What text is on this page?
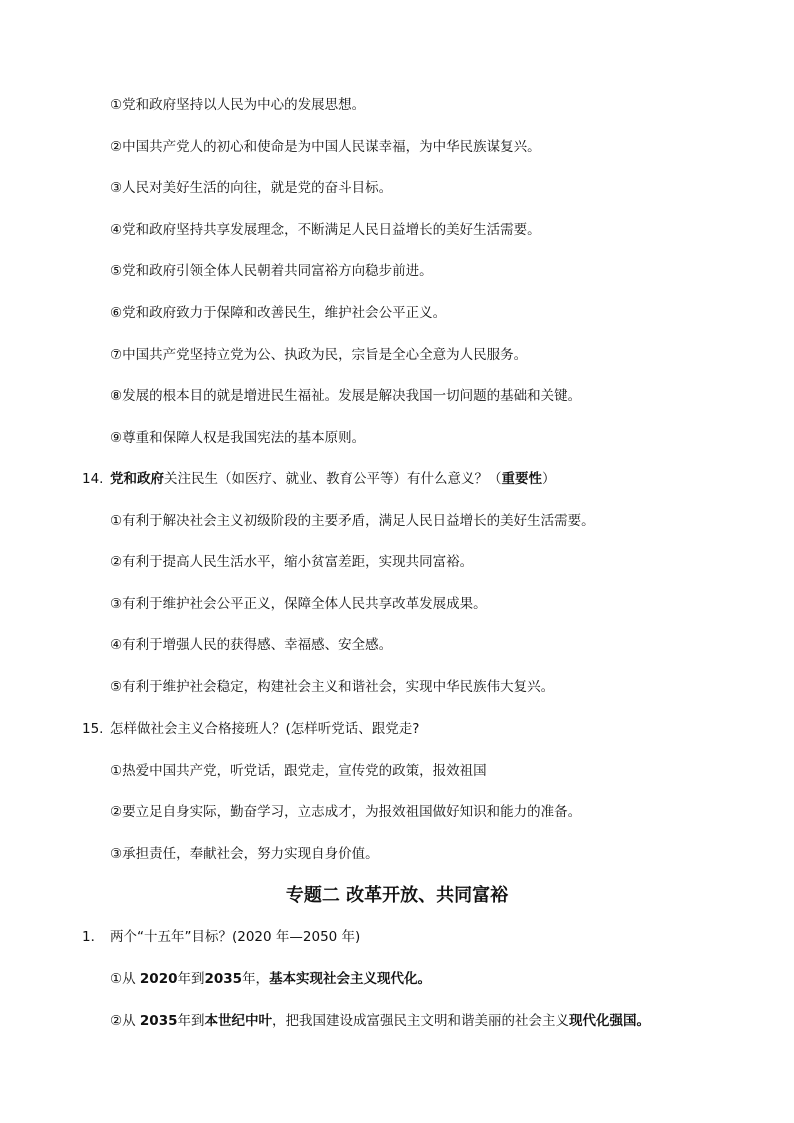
①党和政府坚持以人民为中心的发展思想。
②中国共产党人的初心和使命是为中国人民谋幸福，为中华民族谋复兴。
③人民对美好生活的向往，就是党的奋斗目标。
④党和政府坚持共享发展理念，不断满足人民日益增长的美好生活需要。
⑤党和政府引领全体人民朝着共同富裕方向稳步前进。
⑥党和政府致力于保障和改善民生，维护社会公平正义。
⑦中国共产党坚持立党为公、执政为民，宗旨是全心全意为人民服务。
⑧发展的根本目的就是增进民生福祉。发展是解决我国一切问题的基础和关键。
⑨尊重和保障人权是我国宪法的基本原则。
14. 党和政府关注民生（如医疗、就业、教育公平等）有什么意义？（重要性）
①有利于解决社会主义初级阶段的主要矛盾，满足人民日益增长的美好生活需要。
②有利于提高人民生活水平，缩小贫富差距，实现共同富裕。
③有利于维护社会公平正义，保障全体人民共享改革发展成果。
④有利于增强人民的获得感、幸福感、安全感。
⑤有利于维护社会稳定，构建社会主义和谐社会，实现中华民族伟大复兴。
15. 怎样做社会主义合格接班人？(怎样听党话、跟党走?
①热爱中国共产党，听党话，跟党走，宣传党的政策，报效祖国
②要立足自身实际，勤奋学习，立志成才，为报效祖国做好知识和能力的准备。
③承担责任，奉献社会，努力实现自身价值。
专题二 改革开放、共同富裕
1． 两个“十五年”目标？(2020 年—2050 年)
①从 2020年到2035年，基本实现社会主义现代化。
②从 2035年到本世纪中叶，把我国建设成富强民主文明和谐美丽的社会主义现代化强国。
